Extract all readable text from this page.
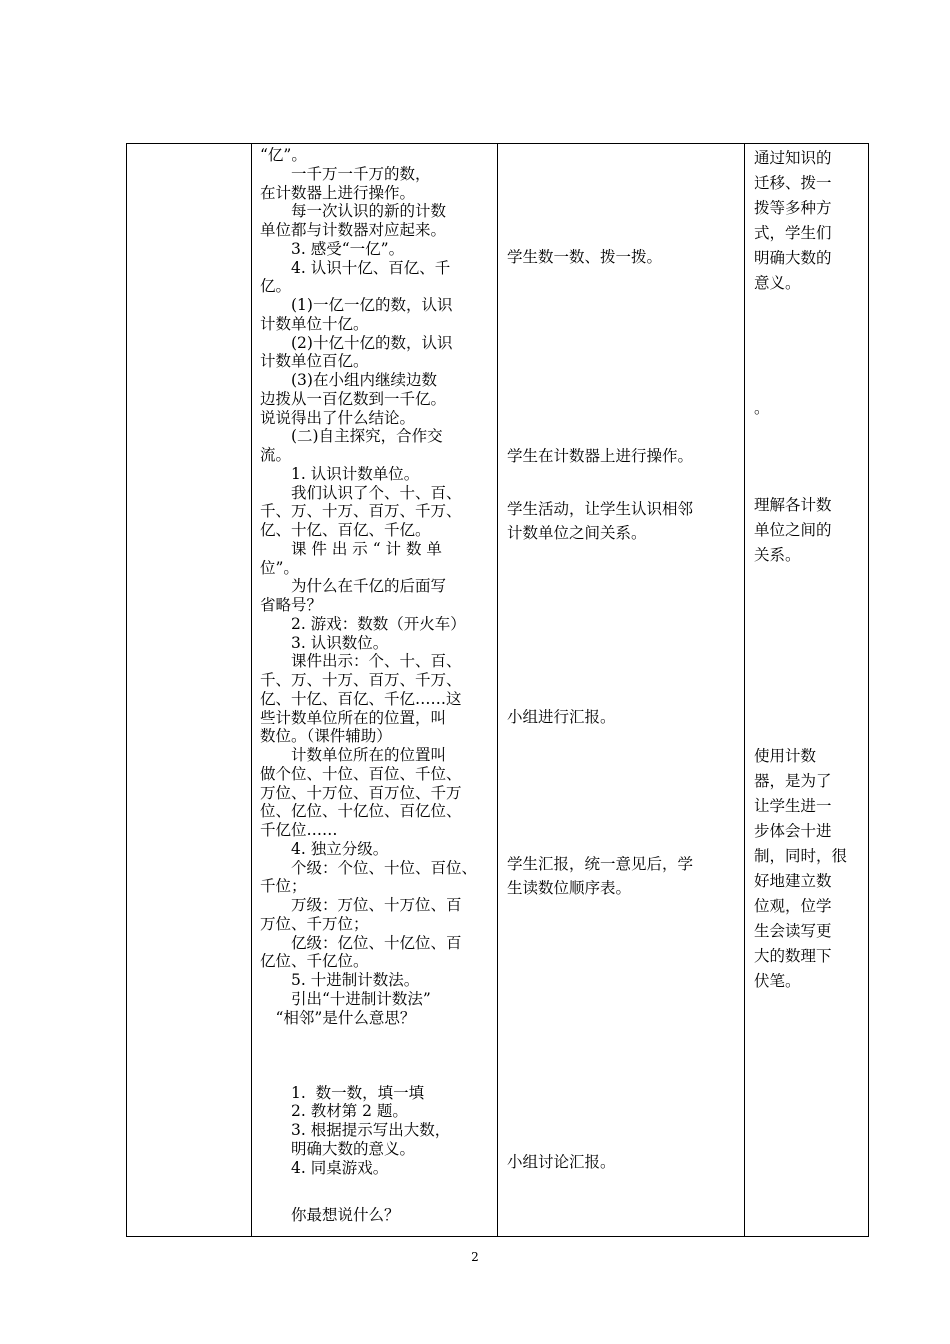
“亿”。
　　一千万一千万的数，
在计数器上进行操作。
　　每一次认识的新的计数
单位都与计数器对应起来。
　　3. 感受“一亿”。
　　4. 认识十亿、百亿、千
亿。
　　(1)一亿一亿的数，认识
计数单位十亿。
　　(2)十亿十亿的数，认识
计数单位百亿。
　　(3)在小组内继续边数
边拨从一百亿数到一千亿。
说说得出了什么结论。
　　(二)自主探究，合作交
流。
　　1. 认识计数单位。
　　我们认识了个、十、百、
千、万、十万、百万、千万、
亿、十亿、百亿、千亿。
　　课 件 出 示 “ 计 数 单
位”。
　　为什么在千亿的后面写
省略号？
　　2. 游戏：数数（开火车）
　　3. 认识数位。
　　课件出示：个、十、百、
千、万、十万、百万、千万、
亿、十亿、百亿、千亿……这
些计数单位所在的位置，叫
数位。（课件辅助）
　　计数单位所在的位置叫
做个位、十位、百位、千位、
万位、十万位、百万位、千万
位、亿位、十亿位、百亿位、
千亿位……
　　4. 独立分级。
　　个级：个位、十位、百位、
千位；
　　万级：万位、十万位、百
万位、千万位；
　　亿级：亿位、十亿位、百
亿位、千亿位。
　　5. 十进制计数法。
　　引出“十进制计数法”
　“相邻”是什么意思？
　　1.  数一数，填一填
　　2. 教材第 2 题。
　　3. 根据提示写出大数，
　　明确大数的意义。
　　4. 同桌游戏。
　　你最想说什么？
学生数一数、拨一拨。
学生在计数器上进行操作。
学生活动，让学生认识相邻
计数单位之间关系。
小组进行汇报。
学生汇报，统一意见后，学
生读数位顺序表。
小组讨论汇报。
通过知识的
迁移、拨一
拨等多种方
式，学生们
明确大数的
意义。
。
理解各计数
单位之间的
关系。
使用计数
器，是为了
让学生进一
步体会十进
制，同时，很
好地建立数
位观，位学
生会读写更
大的数理下
伏笔。
2
